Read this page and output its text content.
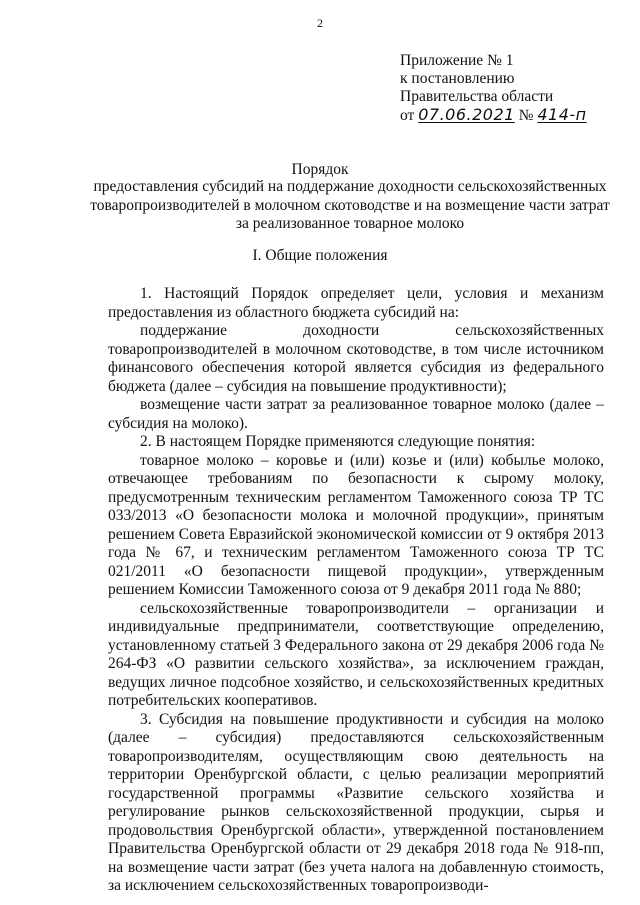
2
Приложение № 1
к постановлению
Правительства области
от 07.06.2021 № 414-п
Порядок
предоставления субсидий на поддержание доходности сельскохозяйственных товаропроизводителей в молочном скотоводстве и на возмещение части затрат за реализованное товарное молоко
I. Общие положения

1. Настоящий Порядок определяет цели, условия и механизм предоставления из областного бюджета субсидий на:

поддержание доходности сельскохозяйственных товаропроизводителей в молочном скотоводстве, в том числе источником финансового обеспечения которой является субсидия из федерального бюджета (далее – субсидия на повышение продуктивности);

возмещение части затрат за реализованное товарное молоко (далее – субсидия на молоко).

2. В настоящем Порядке применяются следующие понятия:

товарное молоко – коровье и (или) козье и (или) кобылье молоко, отвечающее требованиям по безопасности к сырому молоку, предусмотренным техническим регламентом Таможенного союза ТР ТС 033/2013 «О безопасности молока и молочной продукции», принятым решением Совета Евразийской экономической комиссии от 9 октября 2013 года № 67, и техническим регламентом Таможенного союза ТР ТС 021/2011 «О безопасности пищевой продукции», утвержденным решением Комиссии Таможенного союза от 9 декабря 2011 года № 880;

сельскохозяйственные товаропроизводители – организации и индивидуальные предприниматели, соответствующие определению, установленному статьей 3 Федерального закона от 29 декабря 2006 года № 264-ФЗ «О развитии сельского хозяйства», за исключением граждан, ведущих личное подсобное хозяйство, и сельскохозяйственных кредитных потребительских кооперативов.

3. Субсидия на повышение продуктивности и субсидия на молоко (далее – субсидия) предоставляются сельскохозяйственным товаропроизводителям, осуществляющим свою деятельность на территории Оренбургской области, с целью реализации мероприятий государственной программы «Развитие сельского хозяйства и регулирование рынков сельскохозяйственной продукции, сырья и продовольствия Оренбургской области», утвержденной постановлением Правительства Оренбургской области от 29 декабря 2018 года № 918-пп, на возмещение части затрат (без учета налога на добавленную стоимость, за исключением сельскохозяйственных товаропроизводи-
